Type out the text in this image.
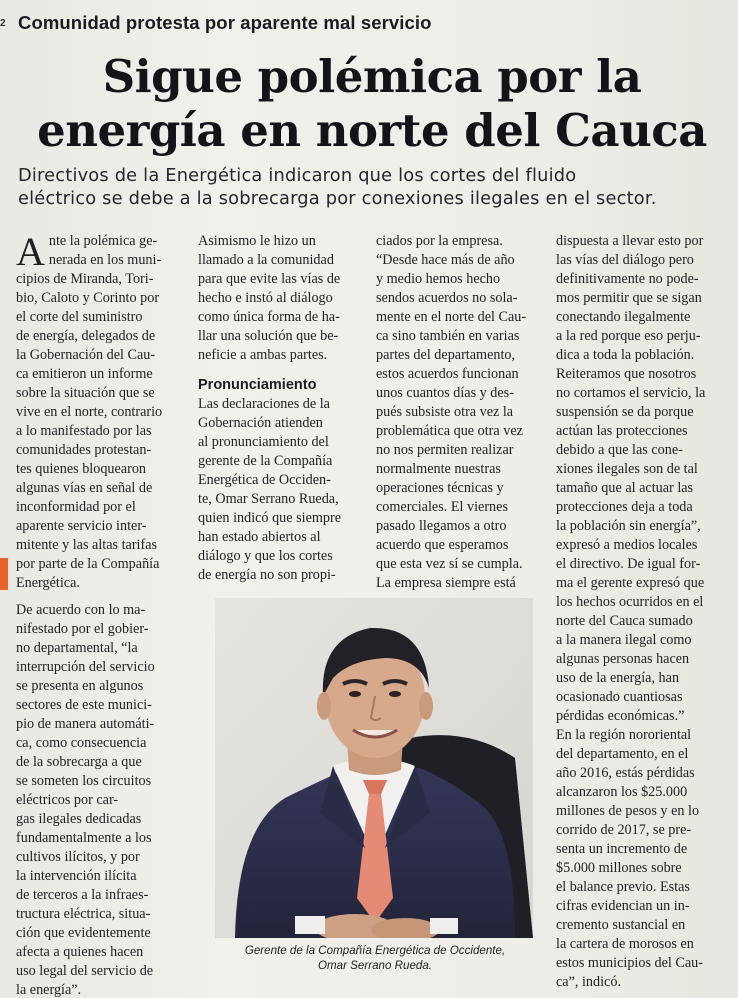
2 Comunidad protesta por aparente mal servicio
Sigue polémica por la
energía en norte del Cauca
Directivos de la Energética indicaron que los cortes del fluido
eléctrico se debe a la sobrecarga por conexiones ilegales en el sector.
A nte la polémica ge-
nerada en los muni-
cipios de Miranda, Tori-
bio, Caloto y Corinto por
el corte del suministro
de energía, delegados de
la Gobernación del Cau-
ca emitieron un informe
sobre la situación que se
vive en el norte, contrario
a lo manifestado por las
comunidades protestan-
tes quienes bloquearon
algunas vías en señal de
inconformidad por el
aparente servicio inter-
mitente y las altas tarifas
por parte de la Compañía
Energética.
De acuerdo con lo ma-
nifestado por el gobier-
no departamental, “la
interrupción del servicio
se presenta en algunos
sectores de este munici-
pio de manera automáti-
ca, como consecuencia
de la sobrecarga a que
se someten los circuitos
eléctricos por car-
gas ilegales dedicadas
fundamentalmente a los
cultivos ilícitos, y por
la intervención ilícita
de terceros a la infraes-
tructura eléctrica, situa-
ción que evidentemente
afecta a quienes hacen
uso legal del servicio de
la energía”.
Asimismo le hizo un
llamado a la comunidad
para que evite las vías de
hecho e instó al diálogo
como única forma de ha-
llar una solución que be-
neficie a ambas partes.
Pronunciamiento
Las declaraciones de la
Gobernación atienden
al pronunciamiento del
gerente de la Compañía
Energética de Occiden-
te, Omar Serrano Rueda,
quien indicó que siempre
han estado abiertos al
diálogo y que los cortes
de energía no son propi-
ciados por la empresa.
“Desde hace más de año
y medio hemos hecho
sendos acuerdos no sola-
mente en el norte del Cau-
ca sino también en varias
partes del departamento,
estos acuerdos funcionan
unos cuantos días y des-
pués subsiste otra vez la
problemática que otra vez
no nos permiten realizar
normalmente nuestras
operaciones técnicas y
comerciales. El viernes
pasado llegamos a otro
acuerdo que esperamos
que esta vez sí se cumpla.
La empresa siempre está
dispuesta a llevar esto por
las vías del diálogo pero
definitivamente no pode-
mos permitir que se sigan
conectando ilegalmente
a la red porque eso perju-
dica a toda la población.
Reiteramos que nosotros
no cortamos el servicio, la
suspensión se da porque
actúan las protecciones
debido a que las cone-
xiones ilegales son de tal
tamaño que al actuar las
protecciones deja a toda
la población sin energía”,
expresó a medios locales
el directivo. De igual for-
ma el gerente expresó que
los hechos ocurridos en el
norte del Cauca sumado
a la manera ilegal como
algunas personas hacen
uso de la energía, han
ocasionado cuantiosas
pérdidas económicas.”
En la región nororiental
del departamento, en el
año 2016, estás pérdidas
alcanzaron los $25.000
millones de pesos y en lo
corrido de 2017, se pre-
senta un incremento de
$5.000 millones sobre
el balance previo. Estas
cifras evidencian un in-
cremento sustancial en
la cartera de morosos en
estos municipios del Cau-
ca”, indicó.
Gerente de la Compañía Energética de Occidente,
Omar Serrano Rueda.
